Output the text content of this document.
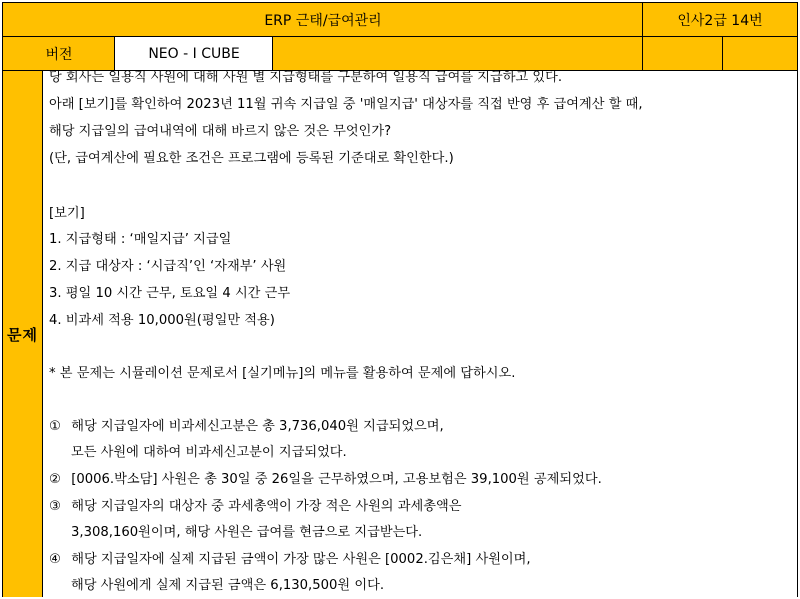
ERP 근태/급여관리	인사2급 14번
버전	NEO - I CUBE
문제
당 회사는 일용직 사원에 대해 사원 별 지급형태를 구분하여 일용직 급여를 지급하고 있다.
아래 [보기]를 확인하여 2023년 11월 귀속 지급일 중 '매일지급' 대상자를 직접 반영 후 급여계산 할 때,
해당 지급일의 급여내역에 대해 바르지 않은 것은 무엇인가?
(단, 급여계산에 필요한 조건은 프로그램에 등록된 기준대로 확인한다.)
[보기]
1. 지급형태 : ‘매일지급’ 지급일
2. 지급 대상자 : ‘시급직’인 ‘자재부’ 사원
3. 평일 10 시간 근무, 토요일 4 시간 근무
4. 비과세 적용 10,000원(평일만 적용)
* 본 문제는 시뮬레이션 문제로서 [실기메뉴]의 메뉴를 활용하여 문제에 답하시오.
① 해당 지급일자에 비과세신고분은 총 3,736,040원 지급되었으며,
모든 사원에 대하여 비과세신고분이 지급되었다.
② [0006.박소담] 사원은 총 30일 중 26일을 근무하였으며, 고용보험은 39,100원 공제되었다.
③ 해당 지급일자의 대상자 중 과세총액이 가장 적은 사원의 과세총액은
3,308,160원이며, 해당 사원은 급여를 현금으로 지급받는다.
④ 해당 지급일자에 실제 지급된 금액이 가장 많은 사원은 [0002.김은채] 사원이며,
해당 사원에게 실제 지급된 금액은 6,130,500원 이다.
